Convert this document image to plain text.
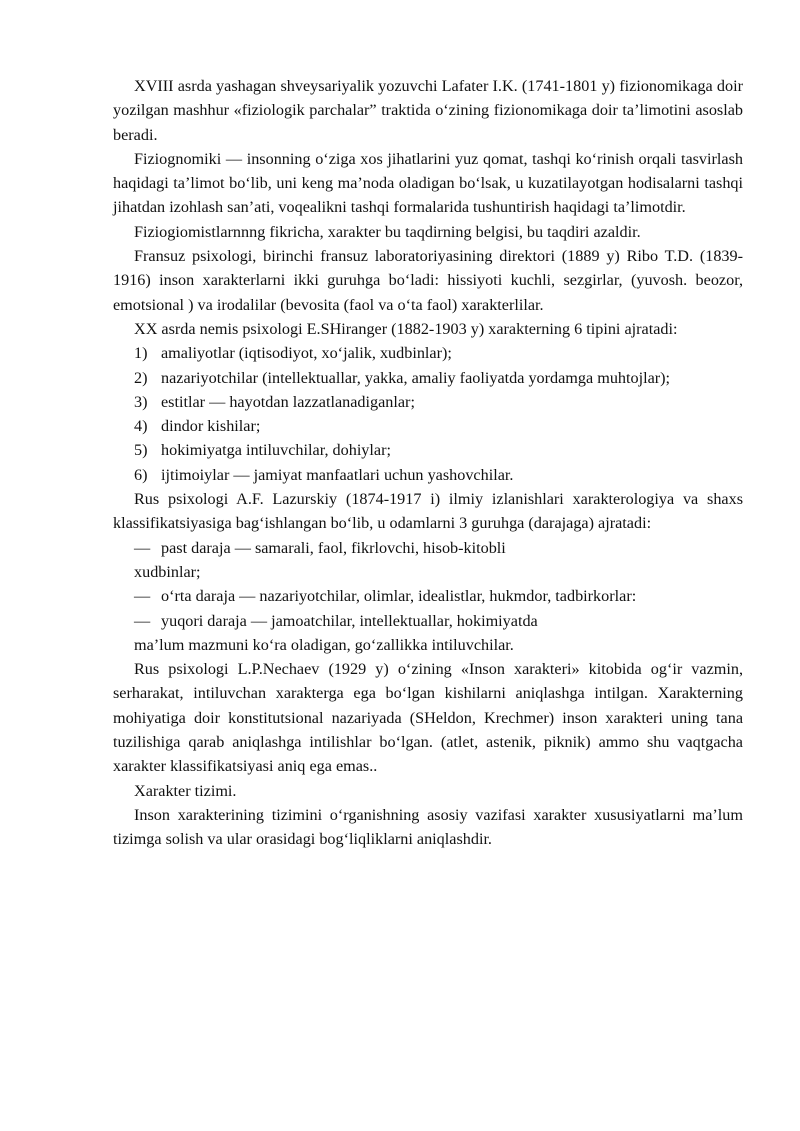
XVIII asrda yashagan shveysariyalik yozuvchi Lafater I.K. (1741-1801 y) fizionomikaga doir yozilgan mashhur «fiziologik parchalar” traktida o‘zining fizionomikaga doir ta’limotini asoslab beradi.

Fiziognomiki — insonning o‘ziga xos jihatlarini yuz qomat, tashqi ko‘rinish orqali tasvirlash haqidagi ta’limot bo‘lib, uni keng ma’noda oladigan bo‘lsak, u kuzatilayotgan hodisalarni tashqi jihatdan izohlash san’ati, voqealikni tashqi formalarida tushuntirish haqidagi ta’limotdir.

Fiziogiomistlarnnng fikricha, xarakter bu taqdirning belgisi, bu taqdiri azaldir.

Fransuz psixologi, birinchi fransuz laboratoriyasining direktori (1889 y) Ribo T.D. (1839-1916) inson xarakterlarni ikki guruhga bo‘ladi: hissiyoti kuchli, sezgirlar, (yuvosh. beozor, emotsional ) va irodalilar (bevosita (faol va o‘ta faol) xarakterlilar.

XX asrda nemis psixologi E.SHiranger (1882-1903 y) xarakterning 6 tipini ajratadi:

1) amaliyotlar (iqtisodiyot, xo‘jalik, xudbinlar);

2) nazariyotchilar (intellektuallar, yakka, amaliy faoliyatda yordamga muhtojlar);

3) estitlar — hayotdan lazzatlanadiganlar;

4) dindor kishilar;

5) hokimiyatga intiluvchilar, dohiylar;

6) ijtimoiylar — jamiyat manfaatlari uchun yashovchilar.

Rus psixologi A.F. Lazurskiy (1874-1917 i) ilmiy izlanishlari xarakterologiya va shaxs klassifikatsiyasiga bag‘ishlangan bo‘lib, u odamlarni 3 guruhga (darajaga) ajratadi:

— past daraja — samarali, faol, fikrlovchi, hisob-kitobli

xudbinlar;

— o‘rta daraja — nazariyotchilar, olimlar, idealistlar, hukmdor, tadbirkorlar:

— yuqori daraja — jamoatchilar, intellektuallar, hokimiyatda

ma’lum mazmuni ko‘ra oladigan, go‘zallikka intiluvchilar.

Rus psixologi L.P.Nechaev (1929 y) o‘zining «Inson xarakteri» kitobida og‘ir vazmin, serharakat, intiluvchan xarakterga ega bo‘lgan kishilarni aniqlashga intilgan. Xarakterning mohiyatiga doir konstitutsional nazariyada (SHeldon, Krechmer) inson xarakteri uning tana tuzilishiga qarab aniqlashga intilishlar bo‘lgan. (atlet, astenik, piknik) ammo shu vaqtgacha xarakter klassifikatsiyasi aniq ega emas..

Xarakter tizimi.

Inson xarakterining tizimini o‘rganishning asosiy vazifasi xarakter xususiyatlarni ma’lum tizimga solish va ular orasidagi bog‘liqliklarni aniqlashdir.
